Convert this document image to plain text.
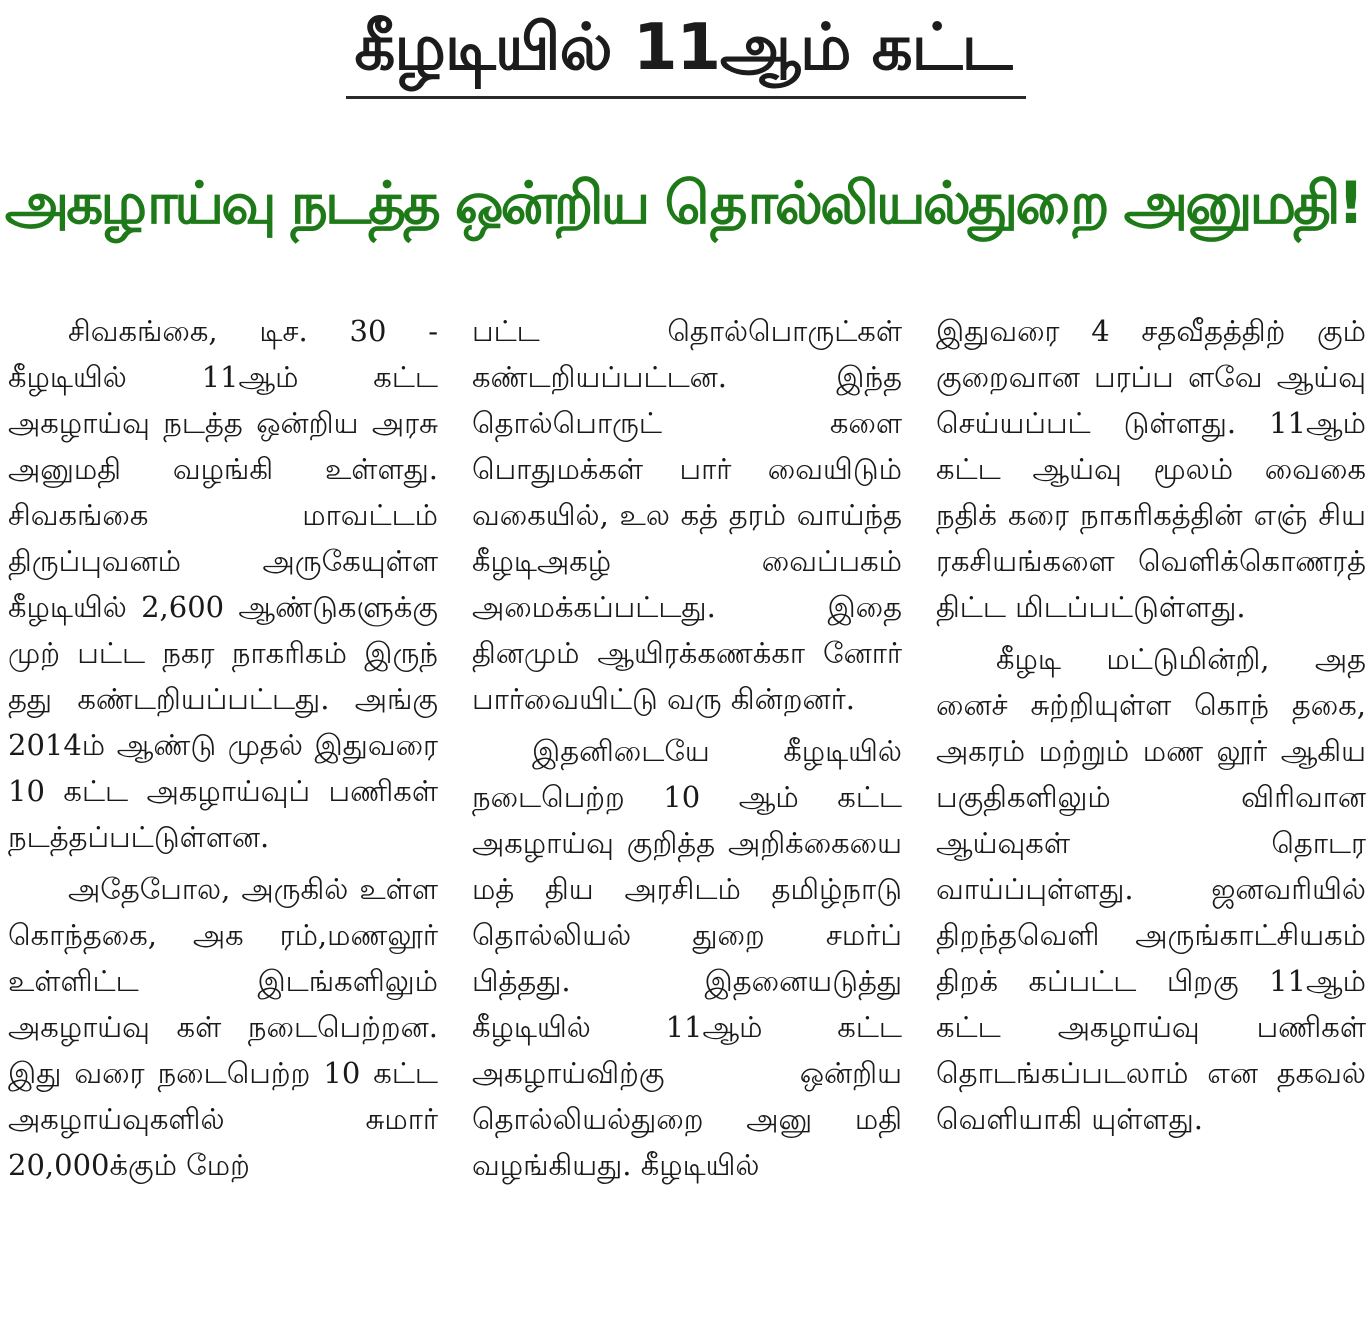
கீழடியில் 11ஆம் கட்ட
அகழாய்வு நடத்த ஒன்றிய தொல்லியல்துறை அனுமதி!

சிவகங்கை, டிச. 30 - கீழடியில் 11ஆம் கட்ட அகழாய்வு நடத்த ஒன்றிய அரசு அனுமதி வழங்கி உள்ளது. சிவகங்கை மாவட்டம் திருப்புவனம் அருகேயுள்ள கீழடியில் 2,600 ஆண்டுகளுக்கு முற் பட்ட நகர நாகரிகம் இருந் தது கண்டறியப்பட்டது. அங்கு 2014ம் ஆண்டு முதல் இதுவரை 10 கட்ட அகழாய்வுப் பணிகள் நடத்தப்பட்டுள்ளன.

அதேபோல, அருகில் உள்ள கொந்தகை, அக ரம்,மணலூர் உள்ளிட்ட இடங்களிலும் அகழாய்வு கள் நடைபெற்றன. இது வரை நடைபெற்ற 10 கட்ட அகழாய்வுகளில் சுமார் 20,000க்கும் மேற்

பட்ட தொல்பொருட்கள் கண்டறியப்பட்டன. இந்த தொல்பொருட் களை பொதுமக்கள் பார் வையிடும் வகையில், உல கத் தரம் வாய்ந்த கீழடிஅகழ் வைப்பகம் அமைக்கப்பட்டது. இதை தினமும் ஆயிரக்கணக்கா னோர் பார்வையிட்டு வரு கின்றனர்.

இதனிடையே கீழடியில் நடைபெற்ற 10 ஆம் கட்ட அகழாய்வு குறித்த அறிக்கையை மத் திய அரசிடம் தமிழ்நாடு தொல்லியல் துறை சமர்ப் பித்தது. இதனையடுத்து கீழடியில் 11ஆம் கட்ட அகழாய்விற்கு ஒன்றிய தொல்லியல்துறை அனு மதி வழங்கியது. கீழடியில்

இதுவரை 4 சதவீதத்திற் கும் குறைவான பரப்ப ளவே ஆய்வு செய்யப்பட் டுள்ளது. 11ஆம் கட்ட ஆய்வு மூலம் வைகை நதிக் கரை நாகரிகத்தின் எஞ் சிய ரகசியங்களை வெளிக்கொணரத் திட்ட மிடப்பட்டுள்ளது.

கீழடி மட்டுமின்றி, அத னைச் சுற்றியுள்ள கொந் தகை, அகரம் மற்றும் மண லூர் ஆகிய பகுதிகளிலும் விரிவான ஆய்வுகள் தொடர வாய்ப்புள்ளது. ஜனவரியில் திறந்தவெளி அருங்காட்சியகம் திறக் கப்பட்ட பிறகு 11ஆம் கட்ட அகழாய்வு பணிகள் தொடங்கப்படலாம் என தகவல் வெளியாகி யுள்ளது.
